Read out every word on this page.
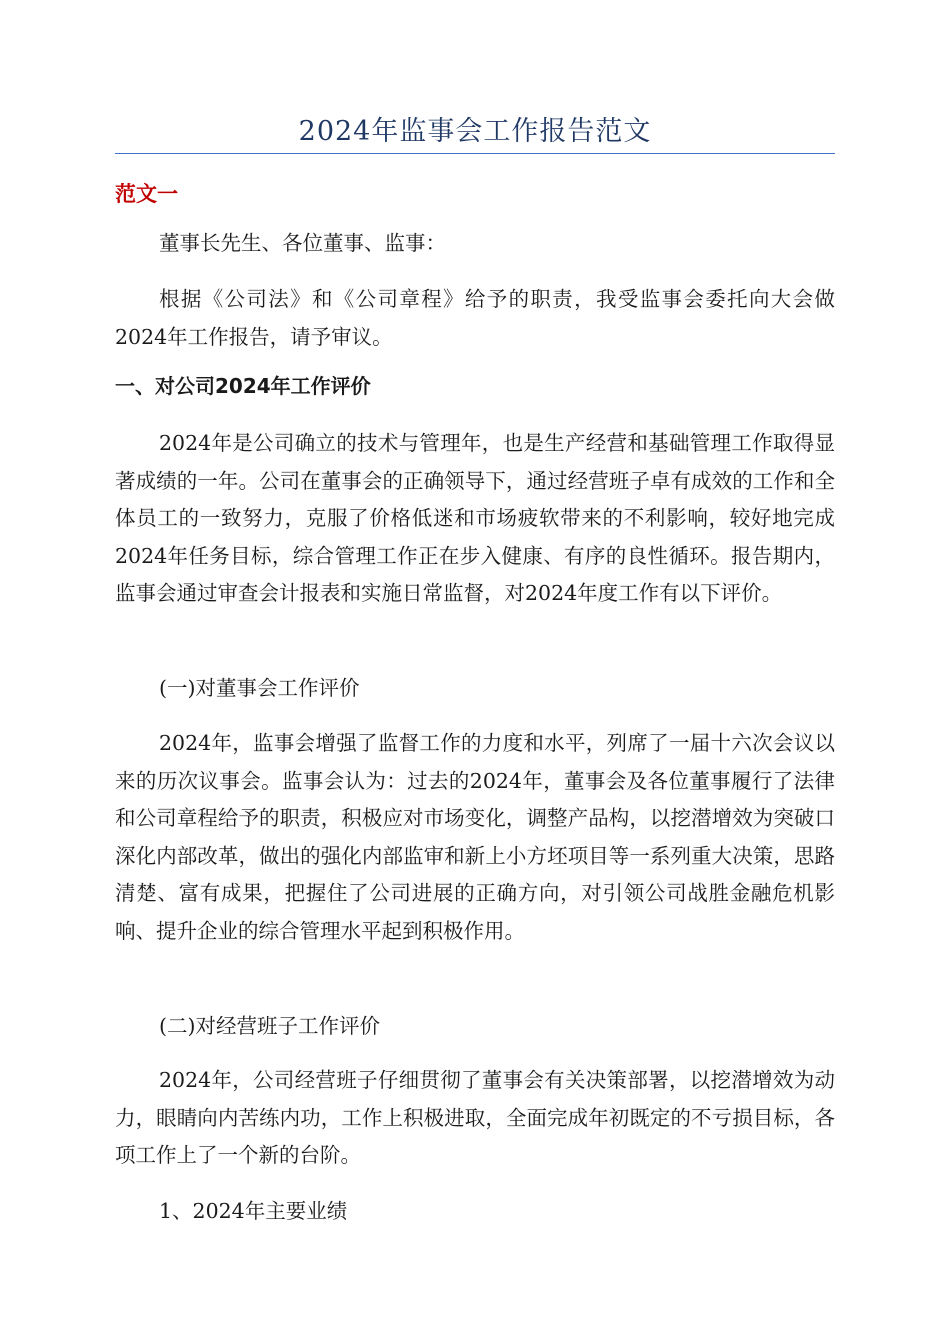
2024年监事会工作报告范文
范文一

董事长先生、各位董事、监事：

根据《公司法》和《公司章程》给予的职责，我受监事会委托向大会做2024年工作报告，请予审议。

一、对公司2024年工作评价

2024年是公司确立的技术与管理年，也是生产经营和基础管理工作取得显著成绩的一年。公司在董事会的正确领导下，通过经营班子卓有成效的工作和全体员工的一致努力，克服了价格低迷和市场疲软带来的不利影响，较好地完成2024年任务目标，综合管理工作正在步入健康、有序的良性循环。报告期内，监事会通过审查会计报表和实施日常监督，对2024年度工作有以下评价。

(一)对董事会工作评价

2024年，监事会增强了监督工作的力度和水平，列席了一届十六次会议以来的历次议事会。监事会认为：过去的2024年，董事会及各位董事履行了法律和公司章程给予的职责，积极应对市场变化，调整产品构，以挖潜增效为突破口深化内部改革，做出的强化内部监审和新上小方坯项目等一系列重大决策，思路清楚、富有成果，把握住了公司进展的正确方向，对引领公司战胜金融危机影响、提升企业的综合管理水平起到积极作用。

(二)对经营班子工作评价

2024年，公司经营班子仔细贯彻了董事会有关决策部署，以挖潜增效为动力，眼睛向内苦练内功，工作上积极进取，全面完成年初既定的不亏损目标，各项工作上了一个新的台阶。

1、2024年主要业绩
